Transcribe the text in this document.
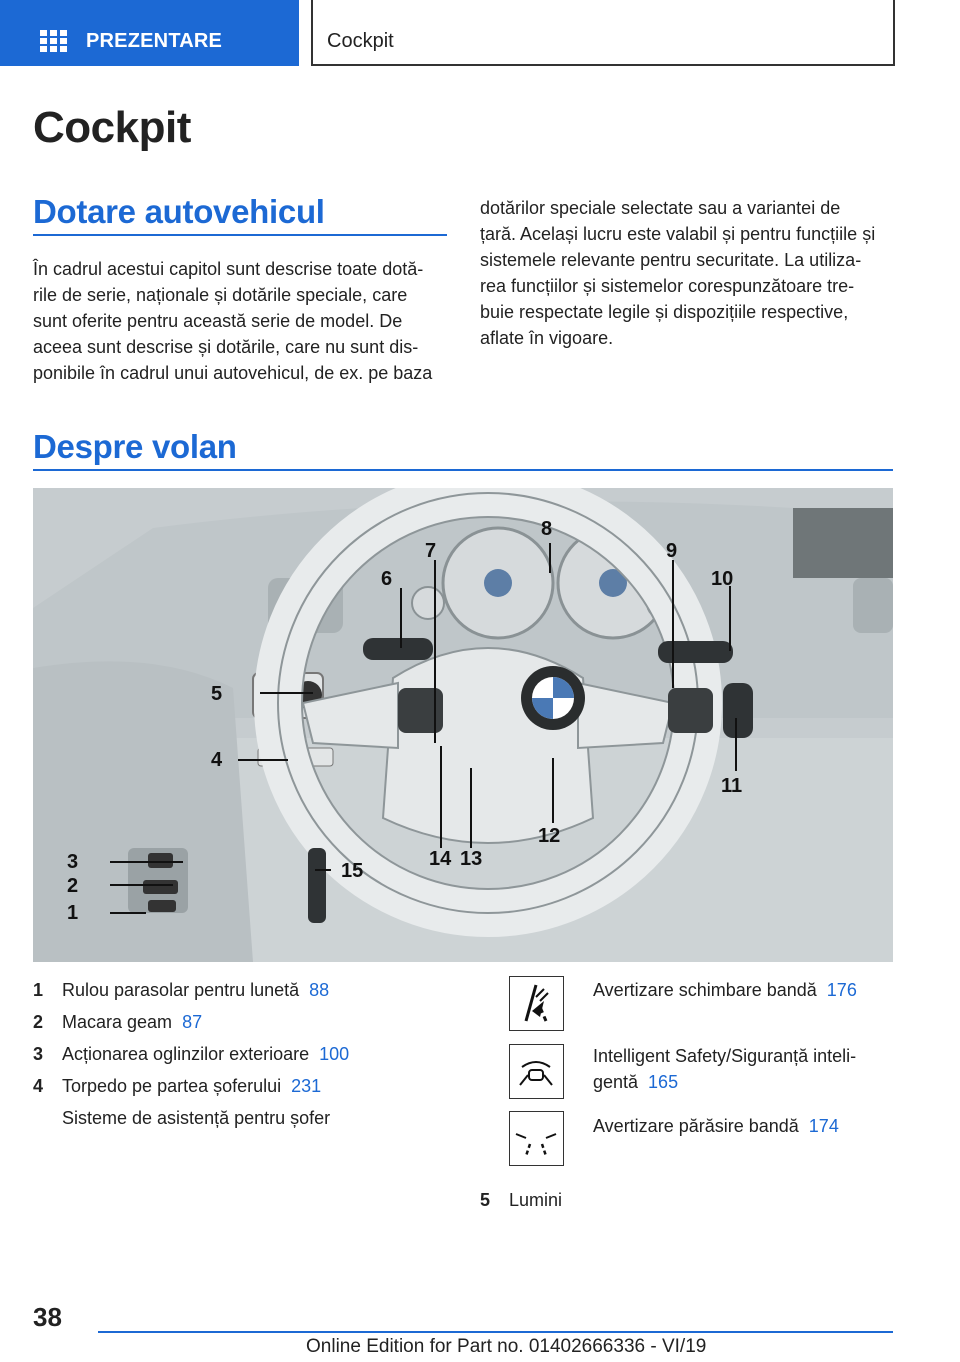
PREZENTARE	Cockpit
Cockpit
Dotare autovehicul
În cadrul acestui capitol sunt descrise toate dotă-
rile de serie, naționale și dotările speciale, care
sunt oferite pentru această serie de model. De
aceea sunt descrise și dotările, care nu sunt dis-
ponibile în cadrul unui autovehicul, de ex. pe baza
dotărilor speciale selectate sau a variantei de
țară. Același lucru este valabil și pentru funcțiile și
sistemele relevante pentru securitate. La utiliza-
rea funcțiilor și sistemelor corespunzătoare tre-
buie respectate legile și dispozițiile respective,
aflate în vigoare.
Despre volan
1
2
3
4
5
6
7
8
9
10
11
12
13
14
15
1 Rulou parasolar pentru lunetă 88
2 Macara geam 87
3 Acționarea oglinzilor exterioare 100
4 Torpedo pe partea șoferului 231
Sisteme de asistență pentru șofer
Avertizare schimbare bandă 176
Intelligent Safety/Siguranță inteli-
gentă 165
Avertizare părăsire bandă 174
5 Lumini
38
Online Edition for Part no. 01402666336 - VI/19
